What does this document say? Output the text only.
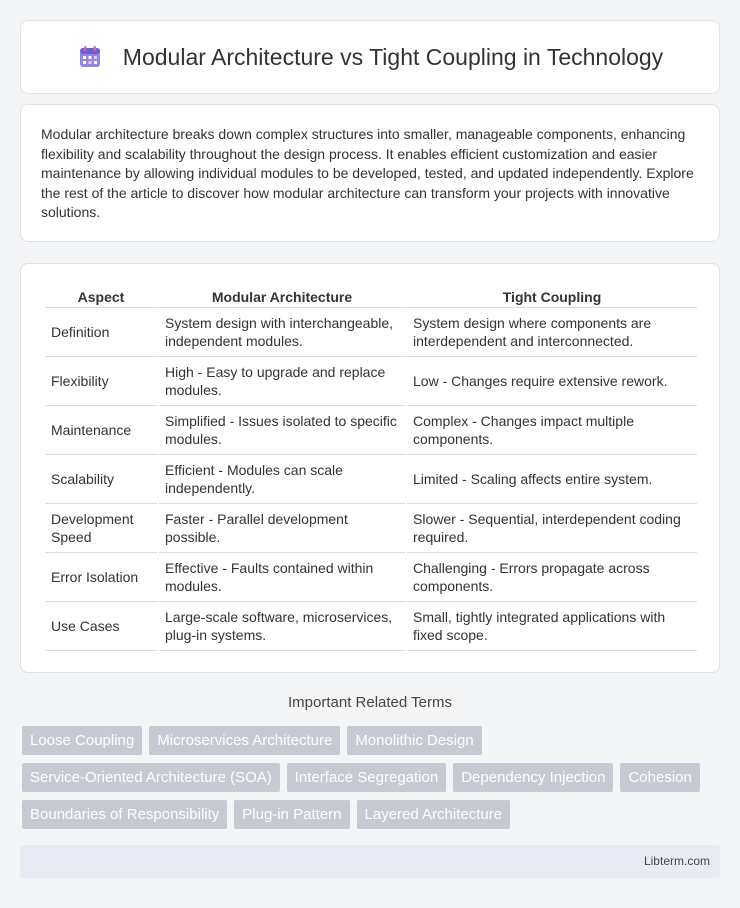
Modular Architecture vs Tight Coupling in Technology

Modular architecture breaks down complex structures into smaller, manageable components, enhancing flexibility and scalability throughout the design process. It enables efficient customization and easier maintenance by allowing individual modules to be developed, tested, and updated independently. Explore the rest of the article to discover how modular architecture can transform your projects with innovative solutions.

Aspect	Modular Architecture	Tight Coupling
Definition	System design with interchangeable, independent modules.	System design where components are interdependent and interconnected.
Flexibility	High - Easy to upgrade and replace modules.	Low - Changes require extensive rework.
Maintenance	Simplified - Issues isolated to specific modules.	Complex - Changes impact multiple components.
Scalability	Efficient - Modules can scale independently.	Limited - Scaling affects entire system.
Development Speed	Faster - Parallel development possible.	Slower - Sequential, interdependent coding required.
Error Isolation	Effective - Faults contained within modules.	Challenging - Errors propagate across components.
Use Cases	Large-scale software, microservices, plug-in systems.	Small, tightly integrated applications with fixed scope.
Important Related Terms
Loose Coupling	Microservices Architecture	Monolithic Design
Service-Oriented Architecture (SOA)	Interface Segregation	Dependency Injection	Cohesion
Boundaries of Responsibility	Plug-in Pattern	Layered Architecture
Libterm.com
